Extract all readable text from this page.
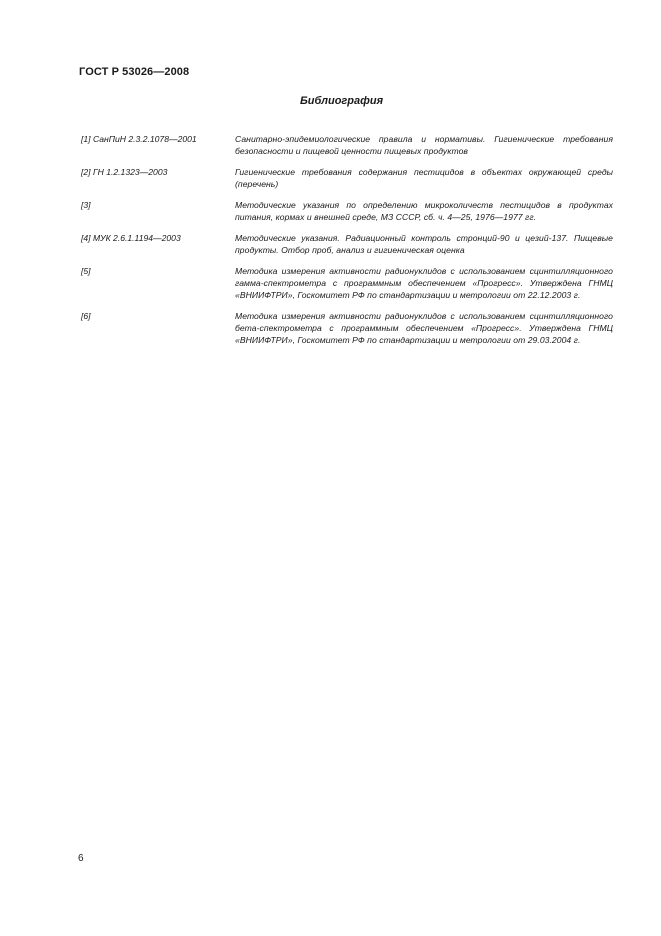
ГОСТ Р 53026—2008
Библиография
[1] СанПиН 2.3.2.1078—2001	Санитарно-эпидемиологические правила и нормативы. Гигиенические требования безопасности и пищевой ценности пищевых продуктов
[2] ГН 1.2.1323—2003	Гигиенические требования содержания пестицидов в объектах окружающей среды (перечень)
[3]	Методические указания по определению микроколичеств пестицидов в продуктах питания, кормах и внешней среде, МЗ СССР, сб. ч. 4—25, 1976—1977 гг.
[4] МУК 2.6.1.1194—2003	Методические указания. Радиационный контроль стронций-90 и цезий-137. Пищевые продукты. Отбор проб, анализ и гигиеническая оценка
[5]	Методика измерения активности радионуклидов с использованием сцинтилляционного гамма-спектрометра с программным обеспечением «Прогресс». Утверждена ГНМЦ «ВНИИФТРИ», Госкомитет РФ по стандартизации и метрологии от 22.12.2003 г.
[6]	Методика измерения активности радионуклидов с использованием сцинтилляционного бета-спектрометра с программным обеспечением «Прогресс». Утверждена ГНМЦ «ВНИИФТРИ», Госкомитет РФ по стандартизации и метрологии от 29.03.2004 г.
6
